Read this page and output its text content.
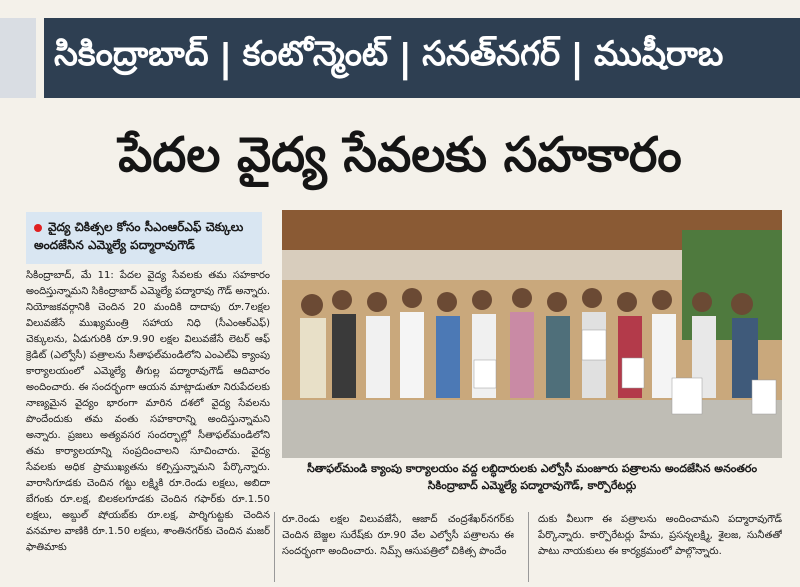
సికింద్రాబాద్ | కంటోన్మెంట్ | సనత్‌నగర్ | ముషీరాబ
పేదల వైద్య సేవలకు సహకారం
వైద్య చికిత్సల కోసం సీఎంఆర్‌ఎఫ్ చెక్కులు అందజేసిన ఎమ్మెల్యే పద్మారావుగౌడ్
సికింద్రాబాద్, మే 11: పేదల వైద్య సేవలకు తమ సహకారం అందిస్తున్నామని సికింద్రాబాద్ ఎమ్మెల్యే పద్మారావు గౌడ్ అన్నారు. నియోజకవర్గానికి చెందిన 20 మందికి దాదాపు రూ.7లక్షల విలువజేసే ముఖ్యమంత్రి సహాయ నిధి (సీఎంఆర్‌ఎఫ్) చెక్కులను, ఏడుగురికి రూ.9.90 లక్షల విలువజేసే లెటర్ ఆఫ్ క్రెడిట్ (ఎల్వోసీ) పత్రాలను సీతాఫల్‌మండిలోని ఎంఎల్‌ఏ క్యాంపు కార్యాలయంలో ఎమ్మెల్యే తీగుల్ల పద్మారావుగౌడ్ ఆదివారం అందించారు. ఈ సందర్భంగా ఆయన మాట్లాడుతూ నిరుపేదలకు నాణ్యమైన వైద్యం భారంగా మారిన దశలో వైద్య సేవలను పొందేందుకు తమ వంతు సహకారాన్ని అందిస్తున్నామని అన్నారు. ప్రజలు అత్యవసర సందర్భాల్లో సీతాఫల్‌మండిలోని తమ కార్యాలయాన్ని సంప్రదించాలని సూచించారు. వైద్య సేవలకు అధిక ప్రాముఖ్యతను కల్పిస్తున్నామని పేర్కొన్నారు. వారాసిగూడకు చెందిన గట్టు లక్ష్మికి రూ.రెండు లక్షలు, అబిదా బేగంకు రూ.లక్ష, బిలకలగూడకు చెందిన గఫార్‌కు రూ.1.50 లక్షలు, అబ్దుల్ షోయబ్‌కు రూ.లక్ష, పార్శిగుట్టకు చెందిన వనమాల వాణికి రూ.1.50 లక్షలు, శాంతినగర్‌కు చెందిన మజర్ ఫాతిమాకు
సీతాఫల్‌మండి క్యాంపు కార్యాలయం వద్ద లబ్ధిదారులకు ఎల్వోసీ మంజూరు పత్రాలను అందజేసిన అనంతరం సికింద్రాబాద్ ఎమ్మెల్యే పద్మారావుగౌడ్, కార్పొరేటర్లు
రూ.రెండు లక్షల విలువజేసే, ఆజాద్ చంద్రశేఖర్‌నగర్‌కు చెందిన బెజ్జల సురేష్‌కు రూ.90 వేల ఎల్వోసీ పత్రాలను ఈ సందర్భంగా అందించారు. నిమ్స్ ఆసుపత్రిలో చికిత్స పొందేం
దుకు వీలుగా ఈ పత్రాలను అందించామని పద్మారావుగౌడ్ పేర్కొన్నారు. కార్పొరేటర్లు హేమ, ప్రసన్నలక్ష్మి, శైలజ, సునీతతో పాటు నాయకులు ఈ కార్యక్రమంలో పాల్గొన్నారు.
